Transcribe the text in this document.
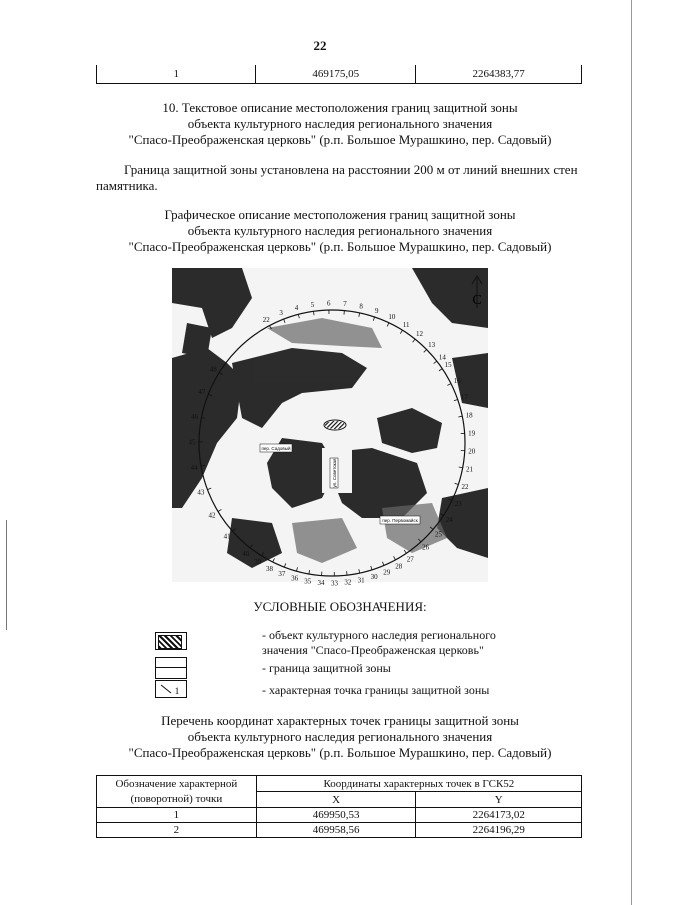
22
1	469175,05	2264383,77
10. Текстовое описание местоположения границ защитной зоны
объекта культурного наследия регионального значения
"Спасо-Преображенская церковь" (р.п. Большое Мурашкино, пер. Садовый)
Граница защитной зоны установлена на расстоянии 200 м от линий внешних стен
памятника.
Графическое описание местоположения границ защитной зоны
объекта культурного наследия регионального значения
"Спасо-Преображенская церковь" (р.п. Большое Мурашкино, пер. Садовый)
пер. Садовый
ул. Советская
пер. Первомайск
С
22
3
4 5 6 7 8
9
10
11
12
13
14
15
16
17
18
19
20
21
22
23
24
25
26
27
28
29
30
31
32
33
34
35
36
37
38
39
40
41
42
43
44
45
46
47
48
УСЛОВНЫЕ ОБОЗНАЧЕНИЯ:
- объект культурного наследия регионального
значения "Спасо-Преображенская церковь"
- граница защитной зоны
1	- характерная точка границы защитной зоны
Перечень координат характерных точек границы защитной зоны
объекта культурного наследия регионального значения
"Спасо-Преображенская церковь" (р.п. Большое Мурашкино, пер. Садовый)
Обозначение характерной
(поворотной) точки	Координаты характерных точек в ГСК52	
	X	Y
1	469950,53	2264173,02
2	469958,56	2264196,29
